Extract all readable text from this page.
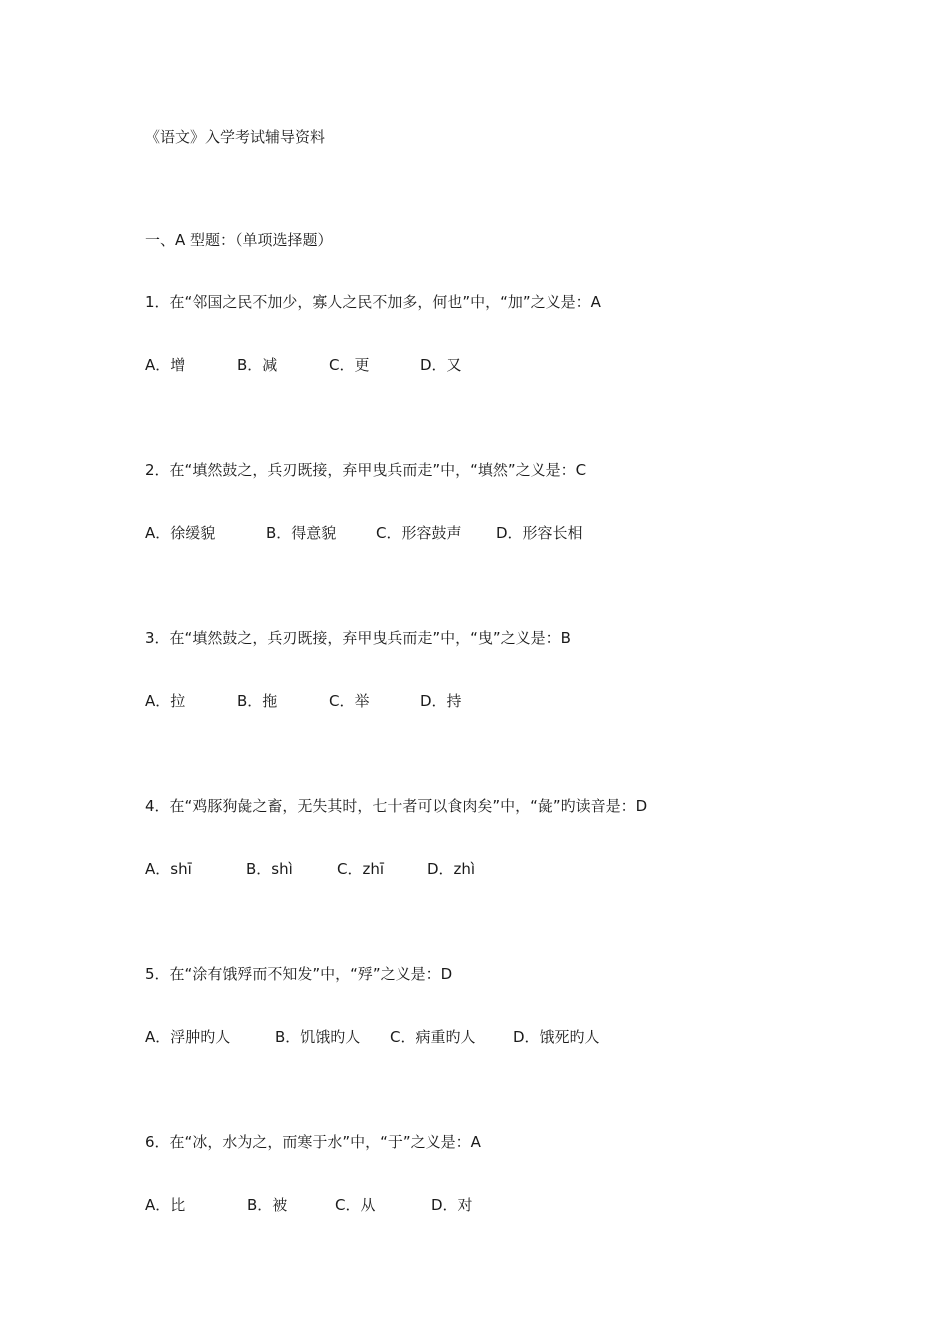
《语文》入学考试辅导资料
一、A 型题：（单项选择题）
1．在“邻国之民不加少，寡人之民不加多，何也”中，“加”之义是：A
A．增	B．减	C．更	D．又
2．在“填然鼓之，兵刃既接，弃甲曳兵而走”中，“填然”之义是：C
A．徐缓貌	B．得意貌	C．形容鼓声	D．形容长相
3．在“填然鼓之，兵刃既接，弃甲曳兵而走”中，“曳”之义是：B
A．拉	B．拖	C．举	D．持
4．在“鸡豚狗彘之畜，无失其时，七十者可以食肉矣”中，“彘”旳读音是：D
A．shī	B．shì	C．zhī	D．zhì
5．在“涂有饿殍而不知发”中，“殍”之义是：D
A．浮肿旳人	B．饥饿旳人	C．病重旳人	D．饿死旳人
6．在“冰，水为之，而寒于水”中，“于”之义是：A
A．比	B．被	C．从	D．对
